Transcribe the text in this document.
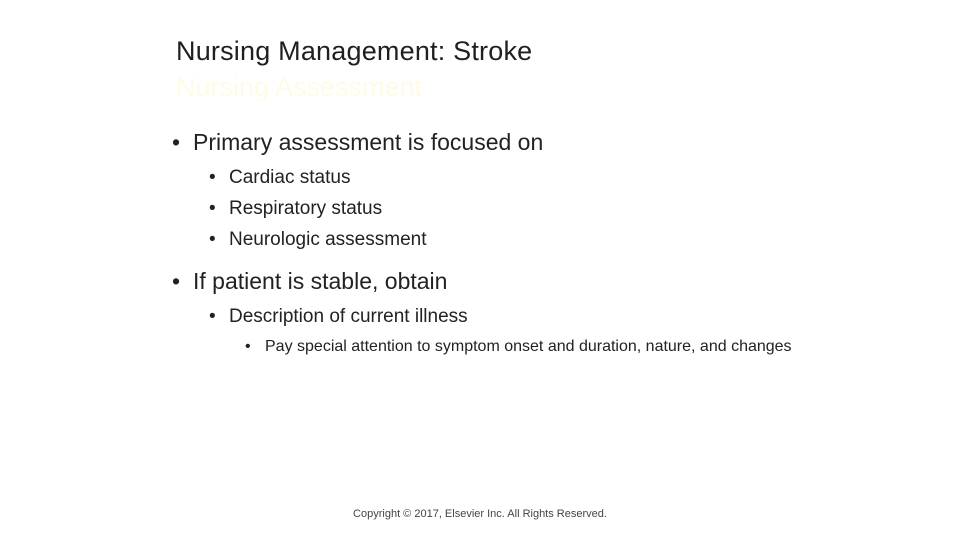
Nursing Management: Stroke
Nursing Assessment
• Primary assessment is focused on
• Cardiac status
• Respiratory status
• Neurologic assessment
• If patient is stable, obtain
• Description of current illness
• Pay special attention to symptom onset and duration, nature, and changes
Copyright © 2017, Elsevier Inc. All Rights Reserved.
